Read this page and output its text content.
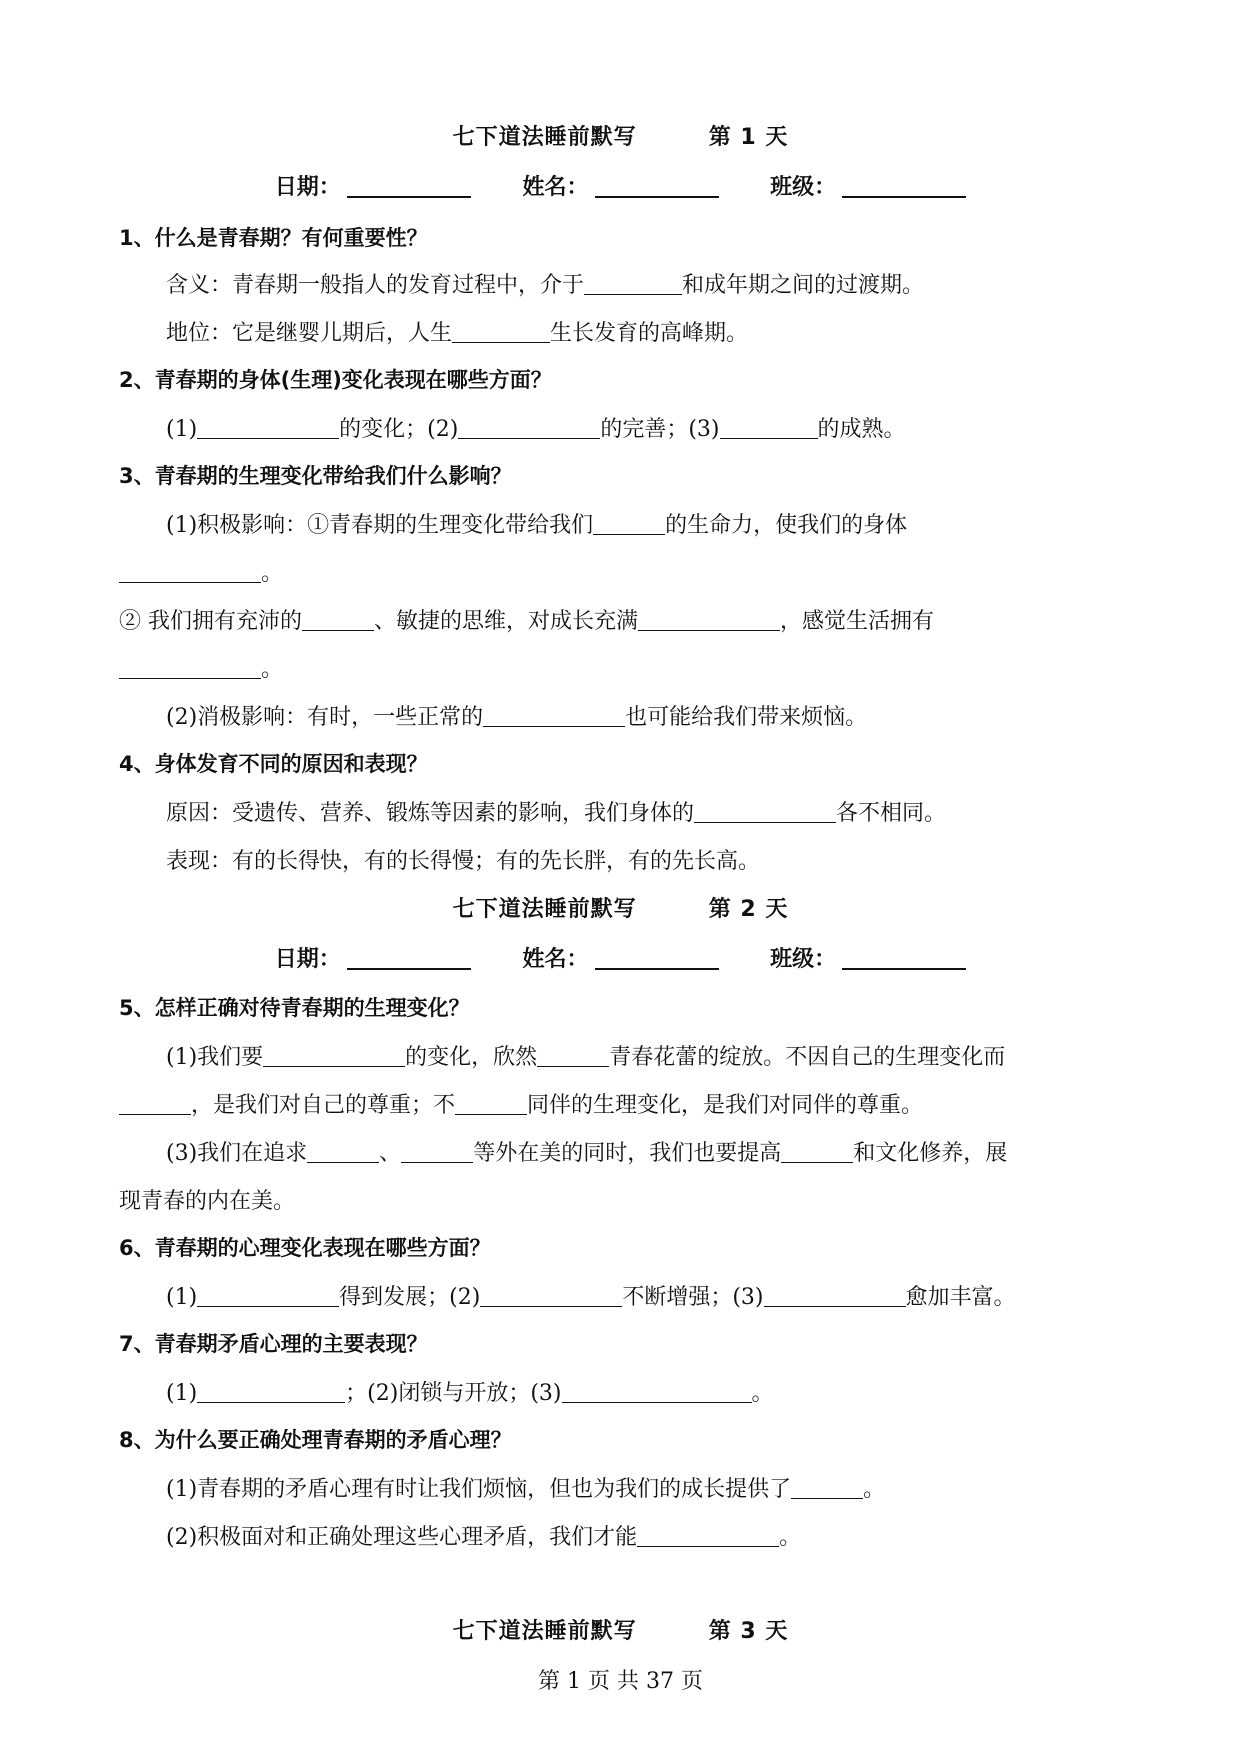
七下道法睡前默写	第 1 天
日期：	姓名：	班级：
1、什么是青春期？有何重要性？
含义：青春期一般指人的发育过程中，介于	和成年期之间的过渡期。
地位：它是继婴儿期后，人生	生长发育的高峰期。
2、青春期的身体(生理)变化表现在哪些方面？
(1)	的变化；(2)	的完善；(3)	的成熟。
3、青春期的生理变化带给我们什么影响？
(1)积极影响：①青春期的生理变化带给我们	的生命力，使我们的身体
。
② 我们拥有充沛的	、敏捷的思维，对成长充满	，感觉生活拥有
。
(2)消极影响：有时，一些正常的	也可能给我们带来烦恼。
4、身体发育不同的原因和表现？
原因：受遗传、营养、锻炼等因素的影响，我们身体的	各不相同。
表现：有的长得快，有的长得慢；有的先长胖，有的先长高。
七下道法睡前默写	第 2 天
日期：	姓名：	班级：
5、怎样正确对待青春期的生理变化？
(1)我们要	的变化，欣然	青春花蕾的绽放。不因自己的生理变化而
，是我们对自己的尊重；不	同伴的生理变化，是我们对同伴的尊重。
(3)我们在追求	、	等外在美的同时，我们也要提高	和文化修养，展
现青春的内在美。
6、青春期的心理变化表现在哪些方面？
(1)	得到发展；(2)	不断增强；(3)	愈加丰富。
7、青春期矛盾心理的主要表现？
(1)	；(2)闭锁与开放；(3)	。
8、为什么要正确处理青春期的矛盾心理？
(1)青春期的矛盾心理有时让我们烦恼，但也为我们的成长提供了	。
(2)积极面对和正确处理这些心理矛盾，我们才能	。
七下道法睡前默写	第 3 天
第 1 页 共 37 页
